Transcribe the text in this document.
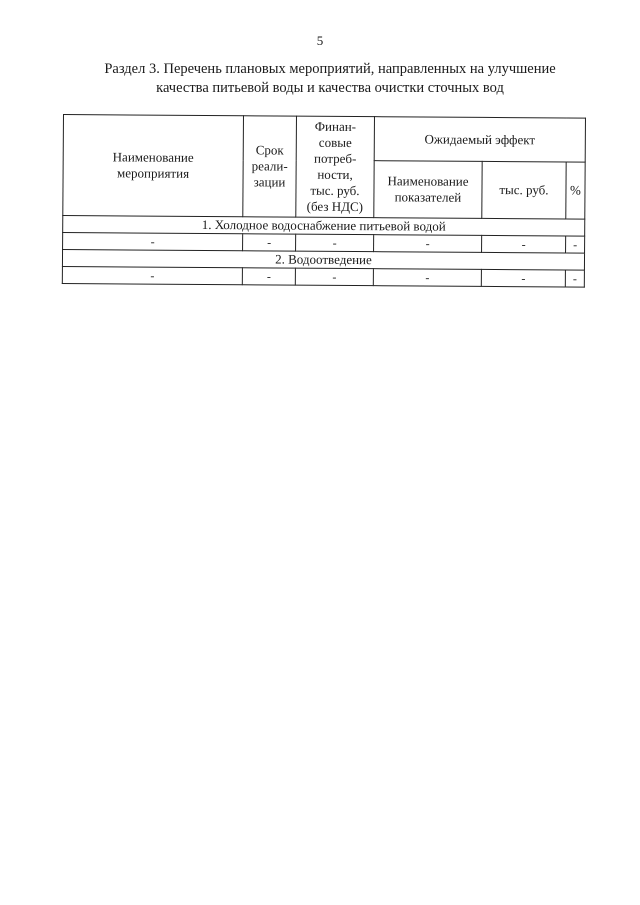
5
Раздел 3. Перечень плановых мероприятий, направленных на улучшение
качества питьевой воды и качества очистки сточных вод
Наименование мероприятия	Срок реали-зации	Финан-совые потреб-ности, тыс. руб. (без НДС)	Ожидаемый эффект		

			Наименование показателей	тыс. руб.	%
1. Холодное водоснабжение питьевой водой					
-	-	-	-	-	-
2. Водоотведение					
-	-	-	-	-	-
